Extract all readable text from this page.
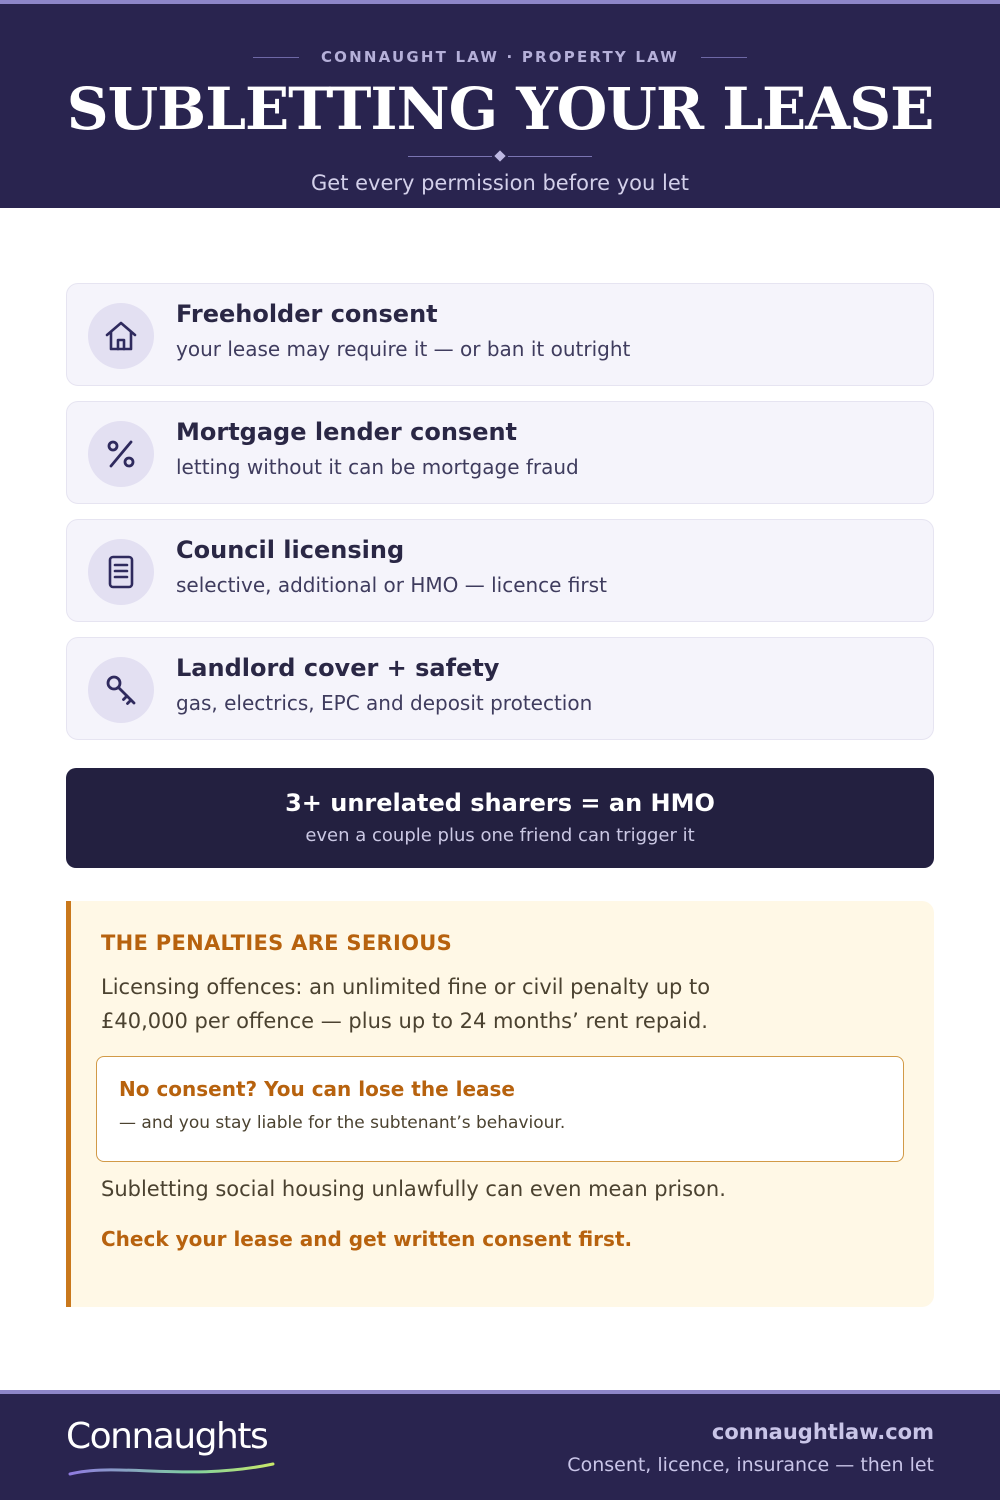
CONNAUGHT LAW · PROPERTY LAW
SUBLETTING YOUR LEASE
Get every permission before you let
Freeholder consent
your lease may require it — or ban it outright
Mortgage lender consent
letting without it can be mortgage fraud
Council licensing
selective, additional or HMO — licence first
Landlord cover + safety
gas, electrics, EPC and deposit protection
3+ unrelated sharers = an HMO
even a couple plus one friend can trigger it
THE PENALTIES ARE SERIOUS
Licensing offences: an unlimited fine or civil penalty up to £40,000 per offence — plus up to 24 months’ rent repaid.
No consent? You can lose the lease
— and you stay liable for the subtenant’s behaviour.
Subletting social housing unlawfully can even mean prison.
Check your lease and get written consent first.
Connaughts	connaughtlaw.com
Consent, licence, insurance — then let
